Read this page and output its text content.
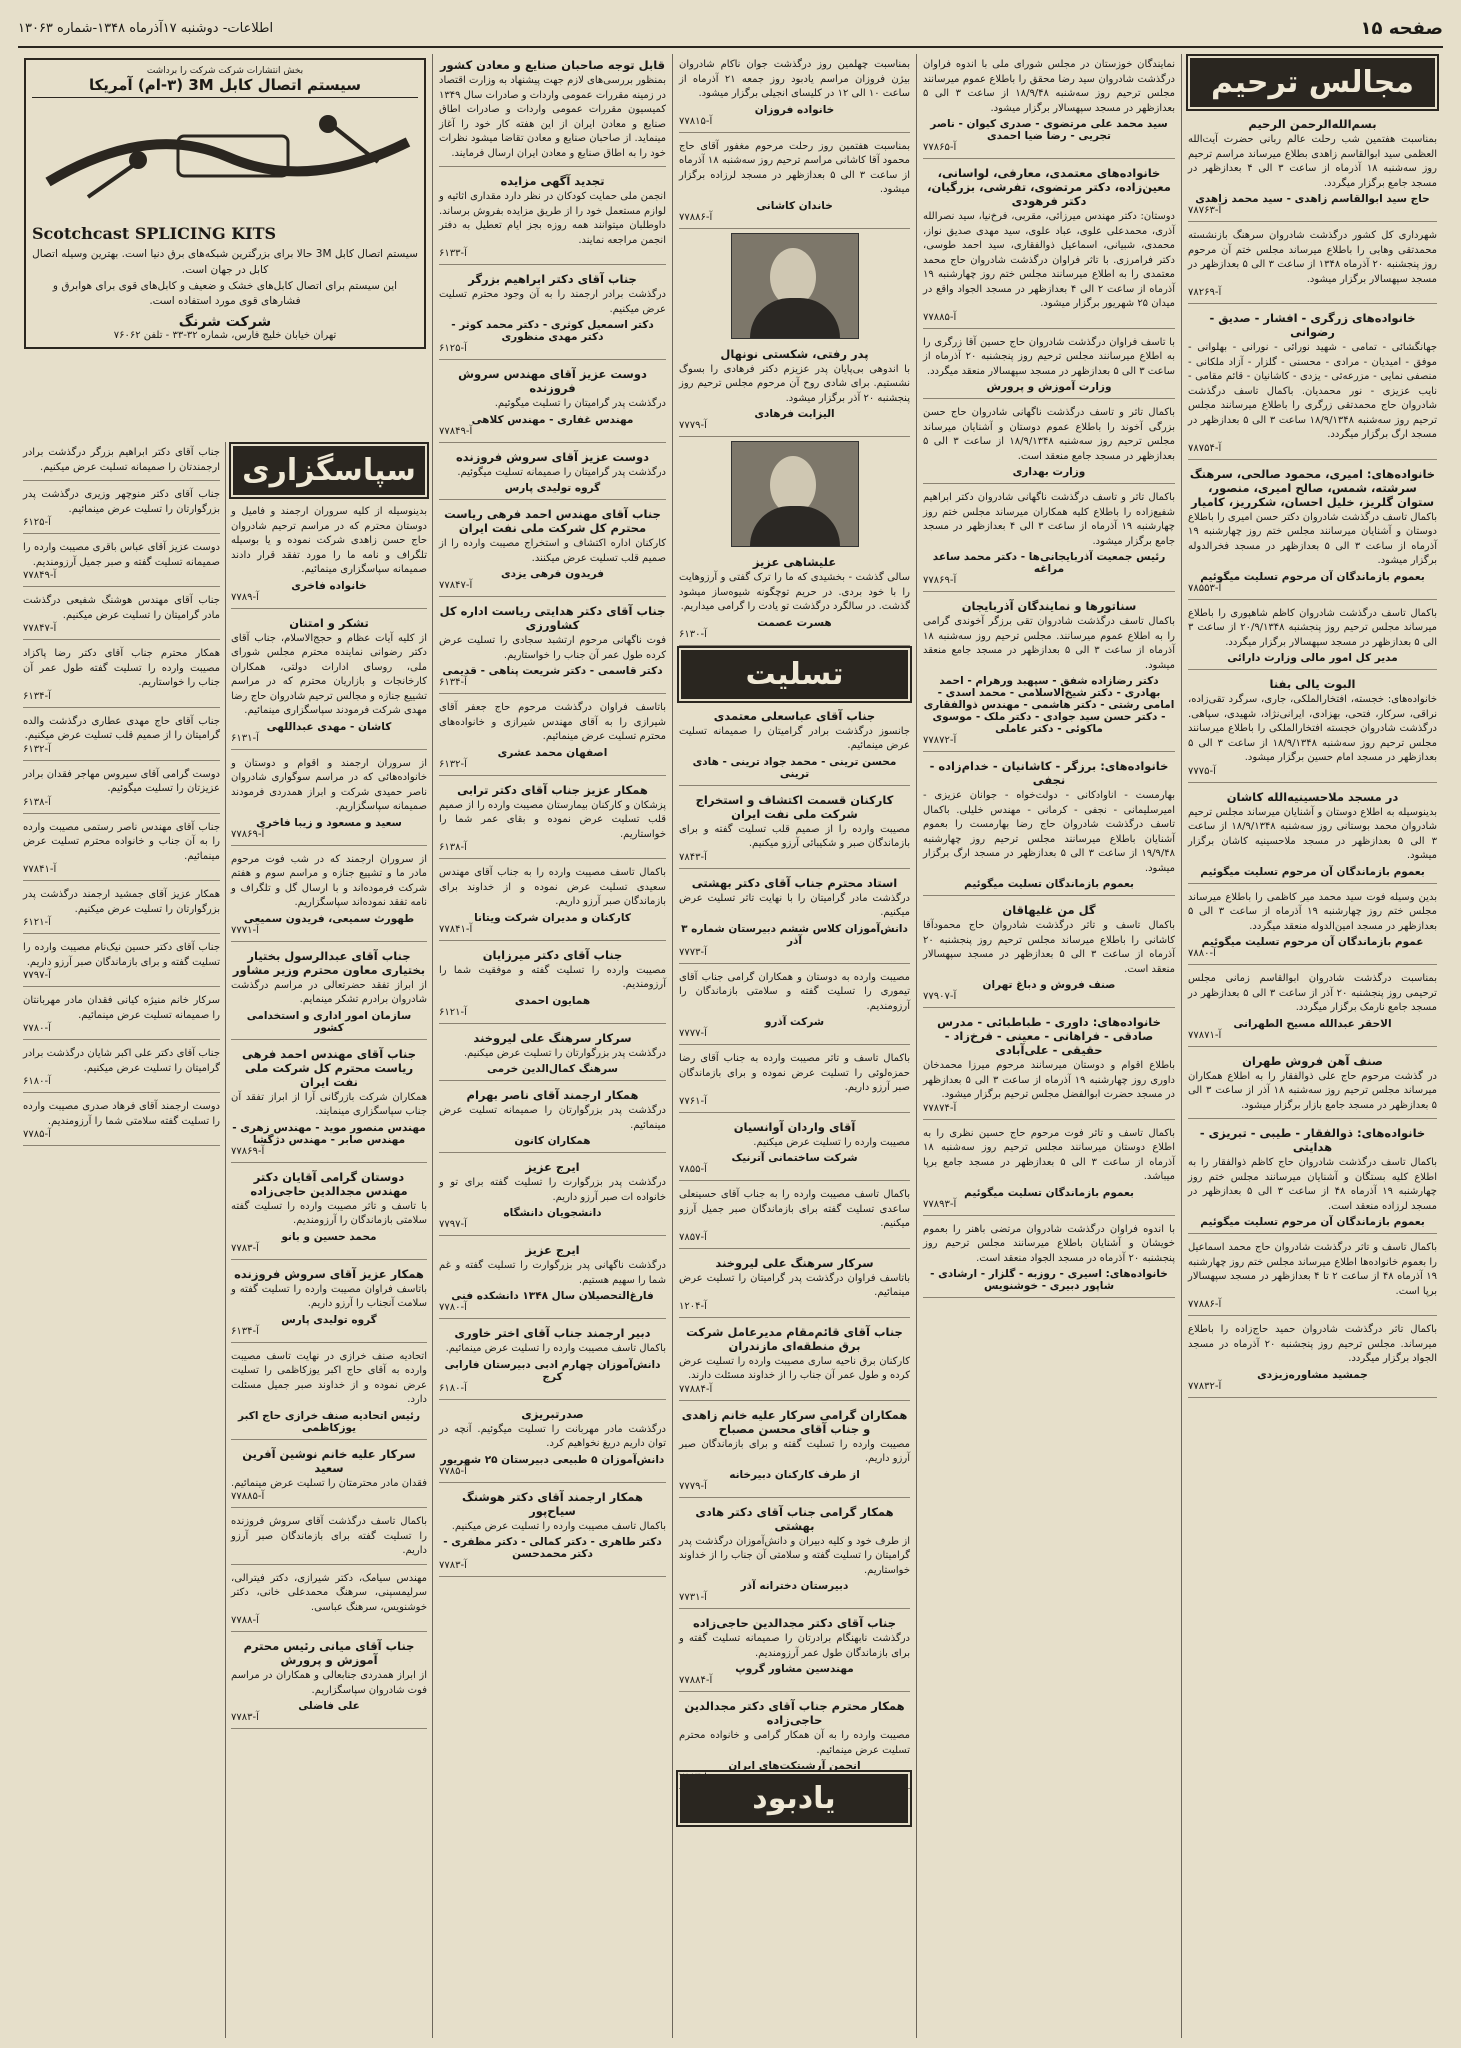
صفحه ۱۵
اطلاعات- دوشنبه ۱۷آذرماه ۱۳۴۸-شماره ۱۳۰۶۳
مجالس ترحیم
بسم‌الله‌الرحمن الرحیم
بمناسبت هفتمین شب رحلت عالم ربانی حضرت آیت‌الله العظمی سید ابوالقاسم زاهدی بطلاع میرساند مراسم ترحیم روز سه‌شنبه ۱۸ آذرماه از ساعت ۳ الی ۴ بعدازظهر در مسجد جامع برگزار میگردد.
حاج سید ابوالقاسم زاهدی - سید محمد زاهدی
آ-۷۸۷۶۳
شهرداری کل کشور درگذشت شادروان سرهنگ بازنشسته محمدتقی وهابی را باطلاع میرساند مجلس ختم آن مرحوم روز پنجشنبه ۲۰ آذرماه ۱۳۴۸ از ساعت ۳ الی ۵ بعدازظهر در مسجد سپهسالار برگزار میشود.
آ-۷۸۲۶۹
خانواده‌های زرگری - افشار - صدیق - رضوانی
جهانگشائی - تمامی - شهید نورائی - نورانی - بهلوانی - موفق - امیدیان - مرادی - محسنی - گلزار - آزاد ملکانی - منصفی نمایی - مزرعه‌ئی - یزدی - کاشانیان - قائم مقامی - نایب عزیزی - نور محمدیان. باکمال تاسف درگذشت شادروان حاج محمدتقی زرگری را باطلاع میرسانند مجلس ترحیم روز سه‌شنبه ۱۸/۹/۱۳۴۸ ساعت ۳ الی ۵ بعدازظهر در مسجد ارگ برگزار میگردد.
آ-۷۸۷۵۴
خانواده‌های: امیری، محمود صالحی، سرهنگ سرشته، شمس، صالح امیری، منصور، ستوان گلریز، خلیل احسان، شکرریز، کامیار
باکمال تاسف درگذشت شادروان دکتر حسن امیری را باطلاع دوستان و آشنایان میرسانند مجلس ختم روز چهارشنبه ۱۹ آذرماه از ساعت ۳ الی ۵ بعدازظهر در مسجد فخرالدوله برگزار میشود.
بعموم بازماندگان آن مرحوم تسلیت میگوئیم
آ-۷۸۵۵۳
باکمال تاسف درگذشت شادروان کاظم شاهپوری را باطلاع میرساند مجلس ترحیم روز پنجشنبه ۲۰/۹/۱۳۴۸ از ساعت ۳ الی ۵ بعدازظهر در مسجد سپهسالار برگزار میگردد.
مدیر کل امور مالی وزارت دارائی
البوت یالی بفنا
خانواده‌های: خجسته، افتخارالملکی، جاری، سرگرد تقی‌زاده، نراقی، سرکار، فتحی، بهزادی، ایرانی‌نژاد، شهیدی، سپاهی. درگذشت شادروان خجسته افتخارالملکی را باطلاع میرسانند مجلس ترحیم روز سه‌شنبه ۱۸/۹/۱۳۴۸ از ساعت ۳ الی ۵ بعدازظهر در مسجد امام حسین برگزار میشود.
آ-۷۷۷۵
در مسجد ملاحسینیه‌الله کاشان
بدینوسیله به اطلاع دوستان و آشنایان میرساند مجلس ترحیم شادروان محمد بوستانی روز سه‌شنبه ۱۸/۹/۱۳۴۸ از ساعت ۳ الی ۵ بعدازظهر در مسجد ملاحسینیه کاشان برگزار میشود.
بعموم بازماندگان آن مرحوم تسلیت میگوئیم
بدین وسیله فوت سید محمد میر کاظمی را باطلاع میرساند مجلس ختم روز چهارشنبه ۱۹ آذرماه از ساعت ۳ الی ۵ بعدازظهر در مسجد امین‌الدوله منعقد میگردد.
عموم بازماندگان آن مرحوم تسلیت میگوئیم
آ-۷۸۸۰
بمناسبت درگذشت شادروان ابوالقاسم زمانی مجلس ترحیمی روز پنجشنبه ۲۰ آذر از ساعت ۳ الی ۵ بعدازظهر در مسجد جامع نارمک برگزار میگردد.
الاحقر عبدالله مسیح الطهرانی
آ-۷۷۸۷۱
صنف آهن فروش طهران
در گذشت مرحوم حاج علی ذوالفقار را به اطلاع همکاران میرساند مجلس ترحیم روز سه‌شنبه ۱۸ آذر از ساعت ۳ الی ۵ بعدازظهر در مسجد جامع بازار برگزار میشود.
خانواده‌های: ذوالفقار - طیبی - تبریزی - هدایتی
باکمال تاسف درگذشت شادروان حاج کاظم ذوالفقار را به اطلاع کلیه بستگان و آشنایان میرسانند مجلس ختم روز چهارشنبه ۱۹ آذرماه ۴۸ از ساعت ۳ الی ۵ بعدازظهر در مسجد لرزاده منعقد است.
بعموم بازماندگان آن مرحوم تسلیت میگوئیم
باکمال تاسف و تاثر درگذشت شادروان حاج محمد اسماعیل را بعموم خانواده‌ها اطلاع میرساند مجلس ختم روز چهارشنبه ۱۹ آذرماه ۴۸ از ساعت ۲ تا ۴ بعدازظهر در مسجد سپهسالار برپا است.
آ-۷۷۸۸۶
باکمال تاثر درگذشت شادروان حمید حاج‌زاده را باطلاع میرساند. مجلس ترحیم روز پنجشنبه ۲۰ آذرماه در مسجد الجواد برگزار میگردد.
جمشید مشاوره‌زیزدی
آ-۷۷۸۳۲
نمایندگان خوزستان در مجلس شورای ملی با اندوه فراوان درگذشت شادروان سید رضا محقق را باطلاع عموم میرسانند مجلس ترحیم روز سه‌شنبه ۱۸/۹/۴۸ از ساعت ۳ الی ۵ بعدازظهر در مسجد سپهسالار برگزار میشود.
سید محمد علی مرتضوی - صدری کیوان - ناصر تجریی - رضا ضیا احمدی
آ-۷۷۸۶۵
خانواده‌های معتمدی، معارفی، لواسانی، معین‌زاده، دکتر مرتضوی، تفرشی، بزرگیان، دکتر فرهودی
دوستان: دکتر مهندس میرزائی، مقربی، فرخ‌نیا، سید نصرالله آذری، محمدعلی علوی، عباد علوی، سید مهدی صدیق نواز، محمدی، شبیانی، اسماعیل ذوالفقاری، سید احمد طوسی، دکتر فرامرزی. با تاثر فراوان درگذشت شادروان حاج محمد معتمدی را به اطلاع میرسانند مجلس ختم روز چهارشنبه ۱۹ آذرماه از ساعت ۲ الی ۴ بعدازظهر در مسجد الجواد واقع در میدان ۲۵ شهریور برگزار میشود.
آ-۷۷۸۸۵
با تاسف فراوان درگذشت شادروان حاج حسین آقا زرگری را به اطلاع میرسانند مجلس ترحیم روز پنجشنبه ۲۰ آذرماه از ساعت ۳ الی ۵ بعدازظهر در مسجد سپهسالار منعقد میگردد.
وزارت آموزش و پرورش
باکمال تاثر و تاسف درگذشت ناگهانی شادروان حاج حسن بزرگی آخوند را باطلاع عموم دوستان و آشنایان میرساند مجلس ترحیم روز سه‌شنبه ۱۸/۹/۱۳۴۸ از ساعت ۳ الی ۵ بعدازظهر در مسجد جامع منعقد است.
وزارت بهداری
باکمال تاثر و تاسف درگذشت ناگهانی شادروان دکتر ابراهیم شفیع‌زاده را باطلاع کلیه همکاران میرساند مجلس ختم روز چهارشنبه ۱۹ آذرماه از ساعت ۳ الی ۴ بعدازظهر در مسجد جامع برگزار میشود.
رئیس جمعیت آذربایجانی‌ها - دکتر محمد ساعد مراغه
آ-۷۷۸۶۹
سناتورها و نمایندگان آذربایجان
باکمال تاسف درگذشت شادروان تقی برزگر آخوندی گرامی را به اطلاع عموم میرسانند. مجلس ترحیم روز سه‌شنبه ۱۸ آذرماه از ساعت ۳ الی ۵ بعدازظهر در مسجد جامع منعقد میشود.
دکتر رضازاده شفق - سپهبد ورهرام - احمد بهادری - دکتر شیخ‌الاسلامی - محمد اسدی - امامی رشتی - دکتر هاشمی - مهندس ذوالفقاری - دکتر حسن سید جوادی - دکتر ملک - موسوی ماکوئی - دکتر عاملی
آ-۷۷۸۷۲
خانواده‌های: برزگر - کاشانیان - خدام‌زاده - نجفی
بهارمست - اناوادکانی - دولت‌خواه - جوانان عزیزی - امیرسلیمانی - نجفی - کرمانی - مهندس خلیلی. باکمال تاسف درگذشت شادروان حاج رضا بهارمست را بعموم آشنایان باطلاع میرسانند مجلس ترحیم روز چهارشنبه ۱۹/۹/۴۸ از ساعت ۳ الی ۵ بعدازظهر در مسجد ارگ برگزار میشود.
بعموم بازماندگان تسلیت میگوئیم
گل من غلیهاقان
باکمال تاسف و تاثر درگذشت شادروان حاج محمودآقا کاشانی را باطلاع میرساند مجلس ترحیم روز پنجشنبه ۲۰ آذرماه از ساعت ۳ الی ۵ بعدازظهر در مسجد سپهسالار منعقد است.
صنف فروش و دباغ تهران
آ-۷۷۹۰۷
خانواده‌های: داوری - طباطبائی - مدرس صادقی - فراهانی - معینی - فرخ‌زاد - حقیقی - علی‌آبادی
باطلاع اقوام و دوستان میرسانند مرحوم میرزا محمدخان داوری روز چهارشنبه ۱۹ آذرماه از ساعت ۳ الی ۵ بعدازظهر در مسجد حضرت ابوالفضل مجلس ترحیم برگزار میشود.
آ-۷۷۸۷۴
باکمال تاسف و تاثر فوت مرحوم حاج حسین نظری را به اطلاع دوستان میرسانند مجلس ترحیم روز سه‌شنبه ۱۸ آذرماه از ساعت ۳ الی ۵ بعدازظهر در مسجد جامع برپا میباشد.
بعموم بازماندگان تسلیت میگوئیم
آ-۷۷۸۹۳
با اندوه فراوان درگذشت شادروان مرتضی باهنر را بعموم خویشان و آشنایان باطلاع میرسانند مجلس ترحیم روز پنجشنبه ۲۰ آذرماه در مسجد الجواد منعقد است.
خانواده‌های: اسیری - روزبه - گلزار - ارشادی - شاپور دبیری - خوشنویس
بمناسبت چهلمین روز درگذشت جوان ناکام شادروان بیژن فروزان مراسم یادبود روز جمعه ۲۱ آذرماه از ساعت ۱۰ الی ۱۲ در کلیسای انجیلی برگزار میشود.
خانواده‌ فروزان
آ-۷۷۸۱۵
بمناسبت هفتمین روز رحلت مرحوم مغفور آقای حاج محمود آقا کاشانی مراسم ترحیم روز سه‌شنبه ۱۸ آذرماه از ساعت ۳ الی ۵ بعدازظهر در مسجد لرزاده برگزار میشود.
خاندان کاشانی
آ-۷۷۸۸۶
پدر رفتی، شکستی نونهال
با اندوهی بی‌پایان پدر عزیزم دکتر فرهادی را بسوگ نشستیم. برای شادی روح آن مرحوم مجلس ترحیم روز پنجشنبه ۲۰ آذر برگزار میشود.
الیزابت فرهادی
آ-۷۷۷۹
علیشاهی عزیز
سالی گذشت - بخشیدی که ما را ترک گفتی و آرزوهایت را با خود بردی. در حریم توچگونه شیوه‌ساز میشود گذشت. در سالگرد درگذشت تو یادت را گرامی میداریم.
هسرت عصمت
آ-۶۱۳۰
تسلیت
جناب آقای عباسعلی معتمدی
جانسوز درگذشت برادر گرامیتان را صمیمانه تسلیت عرض مینمائیم.
محسن ترینی - محمد جواد ترینی - هادی ترینی
کارکنان قسمت اکتشاف و استخراج شرکت ملی نفت ایران
مصیبت وارده را از صمیم قلب تسلیت گفته و برای بازماندگان صبر و شکیبائی آرزو میکنیم.
آ-۷۸۴۳
استاد محترم جناب آقای دکتر بهشتی
درگذشت مادر گرامیتان را با نهایت تاثر تسلیت عرض میکنیم.
دانش‌آموزان کلاس ششم دبیرستان شماره ۳ آذر
آ-۷۷۷۳
مصیبت وارده به دوستان و همکاران گرامی جناب آقای تیموری را تسلیت گفته و سلامتی بازماندگان را آرزومندیم.
شرکت آذرو
آ-۷۷۷۷
باکمال تاسف و تاثر مصیبت وارده به جناب آقای رضا حمزه‌لوئی را تسلیت عرض نموده و برای بازماندگان صبر آرزو داریم.
آ-۷۷۶۱
آقای واردان آوانسیان
مصیبت وارده را تسلیت عرض میکنیم.
شرکت ساختمانی آترنیک
آ-۷۸۵۵
باکمال تاسف مصیبت وارده را به جناب آقای حسینعلی ساعدی تسلیت گفته برای بازماندگان صبر جمیل آرزو میکنیم.
آ-۷۸۵۷
سرکار سرهنگ علی لیروخند
باتاسف فراوان درگذشت پدر گرامیتان را تسلیت عرض مینمائیم.
آ-۱۲۰۴
جناب آقای قائم‌مقام مدیرعامل شرکت برق منطقه‌ای مازندران
کارکنان برق ناحیه ساری مصیبت وارده را تسلیت عرض کرده و طول عمر آن جناب را از خداوند مسئلت دارند.
آ-۷۷۸۸۴
همکاران گرامی سرکار علیه خانم زاهدی و جناب آقای محسن مصباح
مصیبت وارده را تسلیت گفته و برای بازماندگان صبر آرزو داریم.
از طرف کارکنان دبیرخانه
آ-۷۷۷۹
همکار گرامی جناب آقای دکتر هادی بهشتی
از طرف خود و کلیه دبیران و دانش‌آموزان درگذشت پدر گرامیتان را تسلیت گفته و سلامتی آن جناب را از خداوند خواستاریم.
دبیرستان دخترانه آذر
آ-۷۷۳۱
جناب آقای دکتر مجدالدین حاجی‌زاده
درگذشت نابهنگام برادرتان را صمیمانه تسلیت گفته و برای بازماندگان طول عمر آرزومندیم.
مهندسین مشاور گروپ
آ-۷۷۸۸۴
همکار محترم جناب آقای دکتر مجدالدین حاجی‌زاده
مصیبت وارده را به آن همکار گرامی و خانواده محترم تسلیت عرض مینمائیم.
انجمن آرشیتکت‌های ایران
قابل توجه صاحبان صنایع و معادن کشور
بمنظور بررسی‌های لازم جهت پیشنهاد به وزارت اقتصاد در زمینه مقررات عمومی واردات و صادرات سال ۱۳۴۹ کمیسیون مقررات عمومی واردات و صادرات اطاق صنایع و معادن ایران از این هفته کار خود را آغاز مینماید. از صاحبان صنایع و معادن تقاضا میشود نظرات خود را به اطاق صنایع و معادن ایران ارسال فرمایند.
تجدید آگهی مزایده
انجمن ملی حمایت کودکان در نظر دارد مقداری اثاثیه و لوازم مستعمل خود را از طریق مزایده بفروش برساند. داوطلبان میتوانند همه روزه بجز ایام تعطیل به دفتر انجمن مراجعه نمایند.
آ-۶۱۳۳
جناب آقای دکتر ابراهیم بزرگر
درگذشت برادر ارجمند را به آن وجود محترم تسلیت عرض میکنیم.
دکتر اسمعیل کوثری - دکتر محمد کوثر - دکتر مهدی منظوری
آ-۶۱۲۵
دوست عزیز آقای مهندس سروش فروزنده
درگذشت پدر گرامیتان را تسلیت میگوئیم.
مهندس غفاری - مهندس کلاهی
آ-۷۷۸۴۹
دوست عزیز آقای سروش فروزنده
درگذشت پدر گرامیتان را صمیمانه تسلیت میگوئیم.
گروه تولیدی پارس
جناب آقای مهندس احمد فرهی ریاست محترم کل شرکت ملی نفت ایران
کارکنان اداره اکتشاف و استخراج مصیبت وارده را از صمیم قلب تسلیت عرض میکنند.
فریدون فرهی یزدی
آ-۷۷۸۴۷
جناب آقای دکتر هدایتی ریاست اداره کل کشاورزی
فوت ناگهانی مرحوم ارتشبد سجادی را تسلیت عرض کرده طول عمر آن جناب را خواستاریم.
دکتر قاسمی - دکتر شریعت پناهی - قدیمی
آ-۶۱۳۴
باتاسف فراوان درگذشت مرحوم حاج جعفر آقای شیرازی را به آقای مهندس شیرازی و خانواده‌های محترم تسلیت عرض مینمائیم.
اصفهان محمد عشری
آ-۶۱۳۲
همکار عزیز جناب آقای دکتر ترابی
پزشکان و کارکنان بیمارستان مصیبت وارده را از صمیم قلب تسلیت عرض نموده و بقای عمر شما را خواستاریم.
آ-۶۱۳۸
باکمال تاسف مصیبت وارده را به جناب آقای مهندس سعیدی تسلیت عرض نموده و از خداوند برای بازماندگان صبر آرزو داریم.
کارکنان و مدیران شرکت ویتانا
آ-۷۷۸۴۱
جناب آقای دکتر میرزایان
مصیبت وارده را تسلیت گفته و موفقیت شما را آرزومندیم.
همایون احمدی
آ-۶۱۲۱
سرکار سرهنگ علی لیروخند
درگذشت پدر بزرگوارتان را تسلیت عرض میکنیم.
سرهنگ کمال‌الدین خرمی
همکار ارجمند آقای ناصر بهرام
درگذشت پدر بزرگوارتان را صمیمانه تسلیت عرض مینمائیم.
همکاران کانون
ایرج عزیز
درگذشت پدر بزرگوارت را تسلیت گفته برای تو و خانواده ات صبر آرزو داریم.
دانشجویان دانشگاه
آ-۷۷۹۷
ایرج عزیز
درگذشت ناگهانی پدر بزرگوارت را تسلیت گفته و غم شما را سهیم هستیم.
فارغ‌التحصیلان سال ۱۳۴۸ دانشکده فنی
آ-۷۷۸۰
دبیر ارجمند جناب آقای اختر خاوری
باکمال تاسف مصیبت وارده را تسلیت عرض مینمائیم.
دانش‌آموزان چهارم ادبی دبیرستان فارابی کرج
آ-۶۱۸۰
صدرتبریزی
درگذشت مادر مهربانت را تسلیت میگوئیم. آنچه در توان داریم دریغ نخواهیم کرد.
دانش‌آموزان ۵ طبیعی دبیرستان ۲۵ شهریور
آ-۷۷۸۵
همکار ارجمند آقای دکتر هوشنگ سیاح‌پور
باکمال تاسف مصیبت وارده را تسلیت عرض میکنیم.
دکتر طاهری - دکتر کمالی - دکتر مظفری - دکتر محمدحسن
آ-۷۷۸۳
بخش انتشارات شرکت شرکت را برداشت
سیستم اتصال کابل 3M (۳-ام) آمریکا
Scotchcast SPLICING KITS
سیستم اتصال کابل 3M حالا برای بزرگترین شبکه‌های برق دنیا است. بهترین وسیله اتصال کابل در جهان است.
این سیستم برای اتصال کابل‌های خشک و ضعیف و کابل‌های قوی برای هوابرق و فشارهای قوی مورد استفاده است.
شرکت شرنگ
تهران خیابان خلیج فارس، شماره ۳۲-۳۳ - تلفن ۷۶۰۶۲
سپاسگزاری
بدینوسیله از کلیه سروران ارجمند و فامیل و دوستان محترم که در مراسم ترحیم شادروان حاج حسن زاهدی شرکت نموده و یا بوسیله تلگراف و نامه ما را مورد تفقد قرار دادند صمیمانه سپاسگزاری مینمائیم.
خانواده‌ فاخری
آ-۷۷۸۹
تشکر و امتنان
از کلیه آیات عظام و حجج‌الاسلام، جناب آقای دکتر رضوانی نماینده محترم مجلس شورای ملی، روسای ادارات دولتی، همکاران کارخانجات و بازاریان محترم که در مراسم تشییع جنازه و مجالس ترحیم شادروان حاج رضا مهدی شرکت فرمودند سپاسگزاری مینمائیم.
کاشان - مهدی عبداللهی
آ-۶۱۳۱
از سروران ارجمند و اقوام و دوستان و خانواده‌هائی که در مراسم سوگواری شادروان ناصر حمیدی شرکت و ابراز همدردی فرمودند صمیمانه سپاسگزاریم.
سعید و مسعود و زیبا فاخری
آ-۷۷۸۶۹
از سروران ارجمند که در شب فوت مرحوم مادر ما و تشییع جنازه و مراسم سوم و هفتم شرکت فرموده‌اند و با ارسال گل و تلگراف و نامه تفقد نموده‌اند سپاسگزاریم.
طهورث سمیعی، فریدون سمیعی
آ-۷۷۷۱
جناب آقای عبدالرسول بختیار بختیاری معاون محترم وزیر مشاور
از ابراز تفقد حضرتعالی در مراسم درگذشت شادروان برادرم تشکر مینمایم.
سازمان امور اداری و استخدامی کشور
جناب آقای مهندس احمد فرهی ریاست محترم کل شرکت ملی نفت ایران
همکاران شرکت بازرگانی آرا از ابراز تفقد آن جناب سپاسگزاری مینمایند.
مهندس منصور موید - مهندس زهری - مهندس صابر - مهندس دژگشا
آ-۷۷۸۶۹
دوستان گرامی آقایان دکتر مهندس مجدالدین حاجی‌زاده
با تاسف و تاثر مصیبت وارده را تسلیت گفته سلامتی بازماندگان را آرزومندیم.
محمد حسین و بانو
آ-۷۷۸۳
همکار عزیز آقای سروش فروزنده
باتاسف فراوان مصیبت وارده را تسلیت گفته و سلامت آنجناب را آرزو داریم.
گروه تولیدی پارس
آ-۶۱۳۴
اتحادیه صنف خرازی در نهایت تاسف مصیبت وارده به آقای حاج اکبر یوزکاظمی را تسلیت عرض نموده و از خداوند صبر جمیل مسئلت دارد.
رئیس اتحادیه صنف خرازی حاج اکبر یوزکاظمی
سرکار علیه خانم نوشین آفرین سعید
فقدان مادر محترمتان را تسلیت عرض مینمائیم.
آ-۷۷۸۸۵
باکمال تاسف درگذشت آقای سروش فروزنده را تسلیت گفته برای بازماندگان صبر آرزو داریم.
مهندس سیامک، دکتر شیرازی، دکتر فیترالی، سرلیمسپنی، سرهنگ محمد‌علی خانی، دکتر خوشنویس، سرهنگ عباسی.
آ-۷۷۸۸
جناب آقای میانی رئیس محترم آموزش و پرورش
از ابراز همدردی جنابعالی و همکاران در مراسم فوت شادروان سپاسگزاریم.
علی فاضلی
آ-۷۷۸۳
جناب آقای دکتر ابراهیم بزرگر درگذشت برادر ارجمندتان را صمیمانه تسلیت عرض میکنیم.
جناب آقای دکتر منوچهر وزیری درگذشت پدر بزرگوارتان را تسلیت عرض مینمائیم.
آ-۶۱۲۵
دوست عزیز آقای عباس باقری مصیبت وارده را صمیمانه تسلیت گفته و صبر جمیل آرزومندیم.
آ-۷۷۸۴۹
جناب آقای مهندس هوشنگ شفیعی درگذشت مادر گرامیتان را تسلیت عرض میکنیم.
آ-۷۷۸۴۷
همکار محترم جناب آقای دکتر رضا پاکزاد مصیبت وارده را تسلیت گفته طول عمر آن جناب را خواستاریم.
آ-۶۱۳۴
جناب آقای حاج مهدی عطاری درگذشت والده گرامیتان را از صمیم قلب تسلیت عرض میکنیم.
آ-۶۱۳۲
دوست گرامی آقای سیروس مهاجر فقدان برادر عزیزتان را تسلیت میگوئیم.
آ-۶۱۳۸
جناب آقای مهندس ناصر رستمی مصیبت وارده را به آن جناب و خانواده محترم تسلیت عرض مینمائیم.
آ-۷۷۸۴۱
همکار عزیز آقای جمشید ارجمند درگذشت پدر بزرگوارتان را تسلیت عرض میکنیم.
آ-۶۱۲۱
جناب آقای دکتر حسین نیک‌نام مصیبت وارده را تسلیت گفته و برای بازماندگان صبر آرزو داریم.
آ-۷۷۹۷
سرکار خانم منیژه کیانی فقدان مادر مهربانتان را صمیمانه تسلیت عرض مینمائیم.
آ-۷۷۸۰
جناب آقای دکتر علی اکبر شایان درگذشت برادر گرامیتان را تسلیت عرض میکنیم.
آ-۶۱۸۰
دوست ارجمند آقای فرهاد صدری مصیبت وارده را تسلیت گفته سلامتی شما را آرزومندیم.
آ-۷۷۸۵
یادبود
